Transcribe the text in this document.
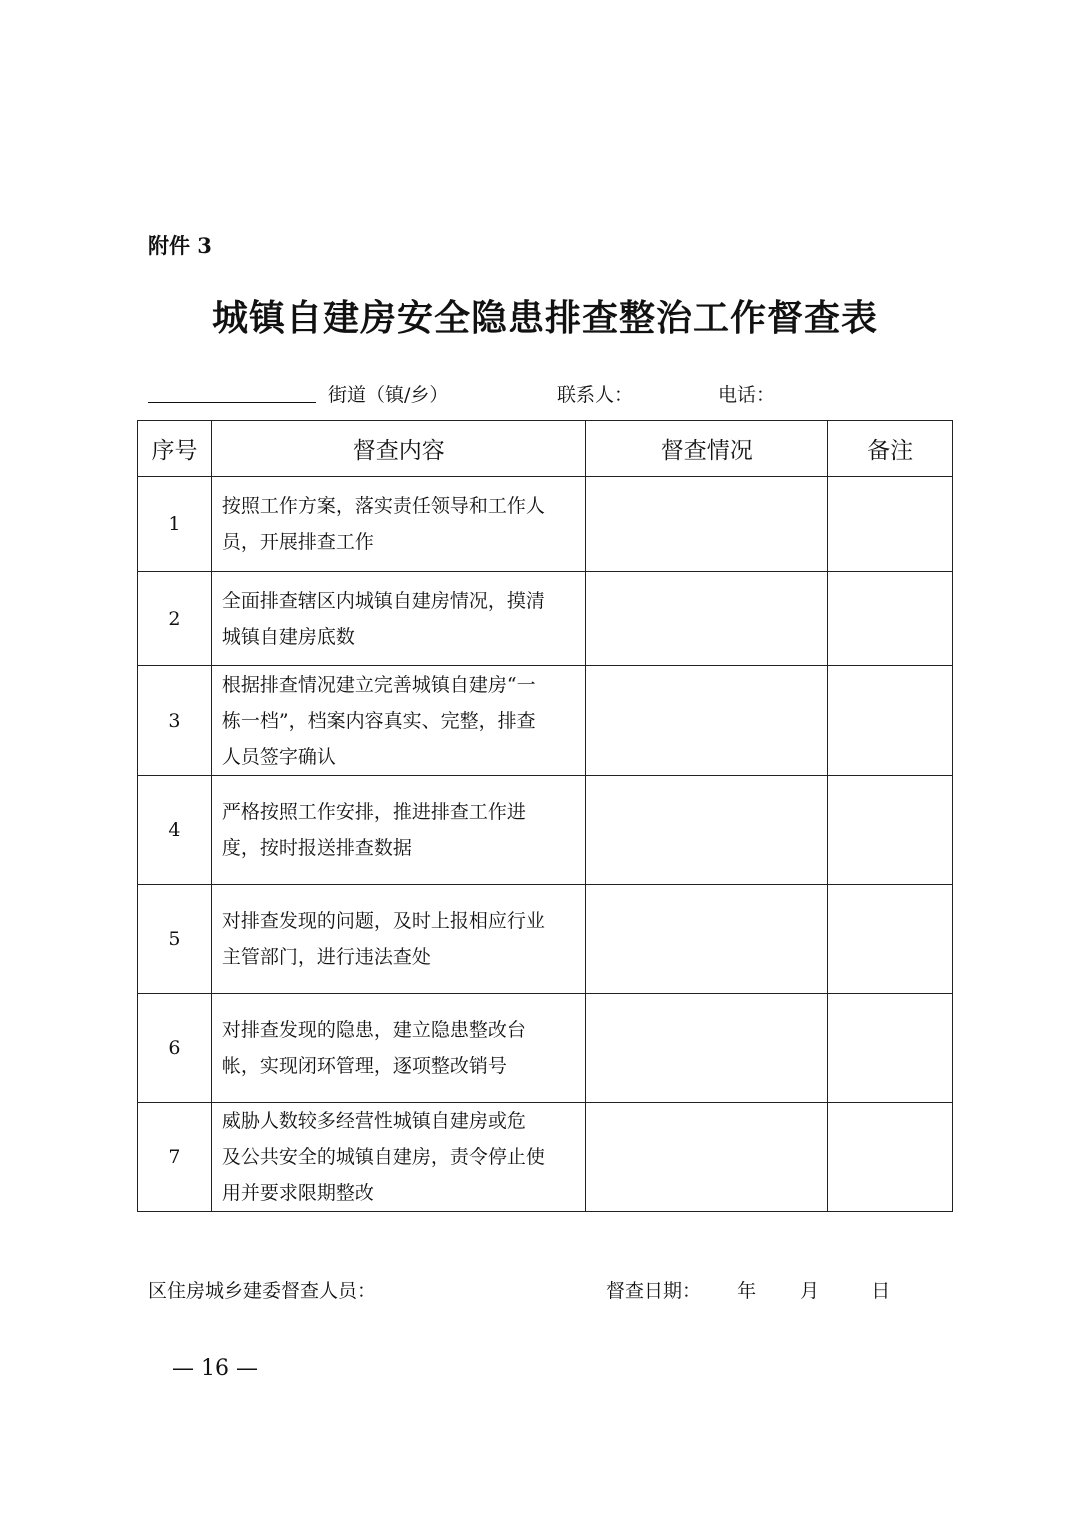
附件 3
城镇自建房安全隐患排查整治工作督查表
街道（镇/乡）	联系人：	电话：
序号	督查内容	督查情况	备注
1	按照工作方案，落实责任领导和工作人
员，开展排查工作		
2	全面排查辖区内城镇自建房情况，摸清
城镇自建房底数		
3	根据排查情况建立完善城镇自建房“一
栋一档”，档案内容真实、完整，排查
人员签字确认		
4	严格按照工作安排，推进排查工作进
度，按时报送排查数据		
5	对排查发现的问题，及时上报相应行业
主管部门，进行违法查处		
6	对排查发现的隐患，建立隐患整改台
帐，实现闭环管理，逐项整改销号		
7	威胁人数较多经营性城镇自建房或危
及公共安全的城镇自建房，责令停止使
用并要求限期整改		
区住房城乡建委督查人员：	督查日期： 年 月	日
— 16 —
